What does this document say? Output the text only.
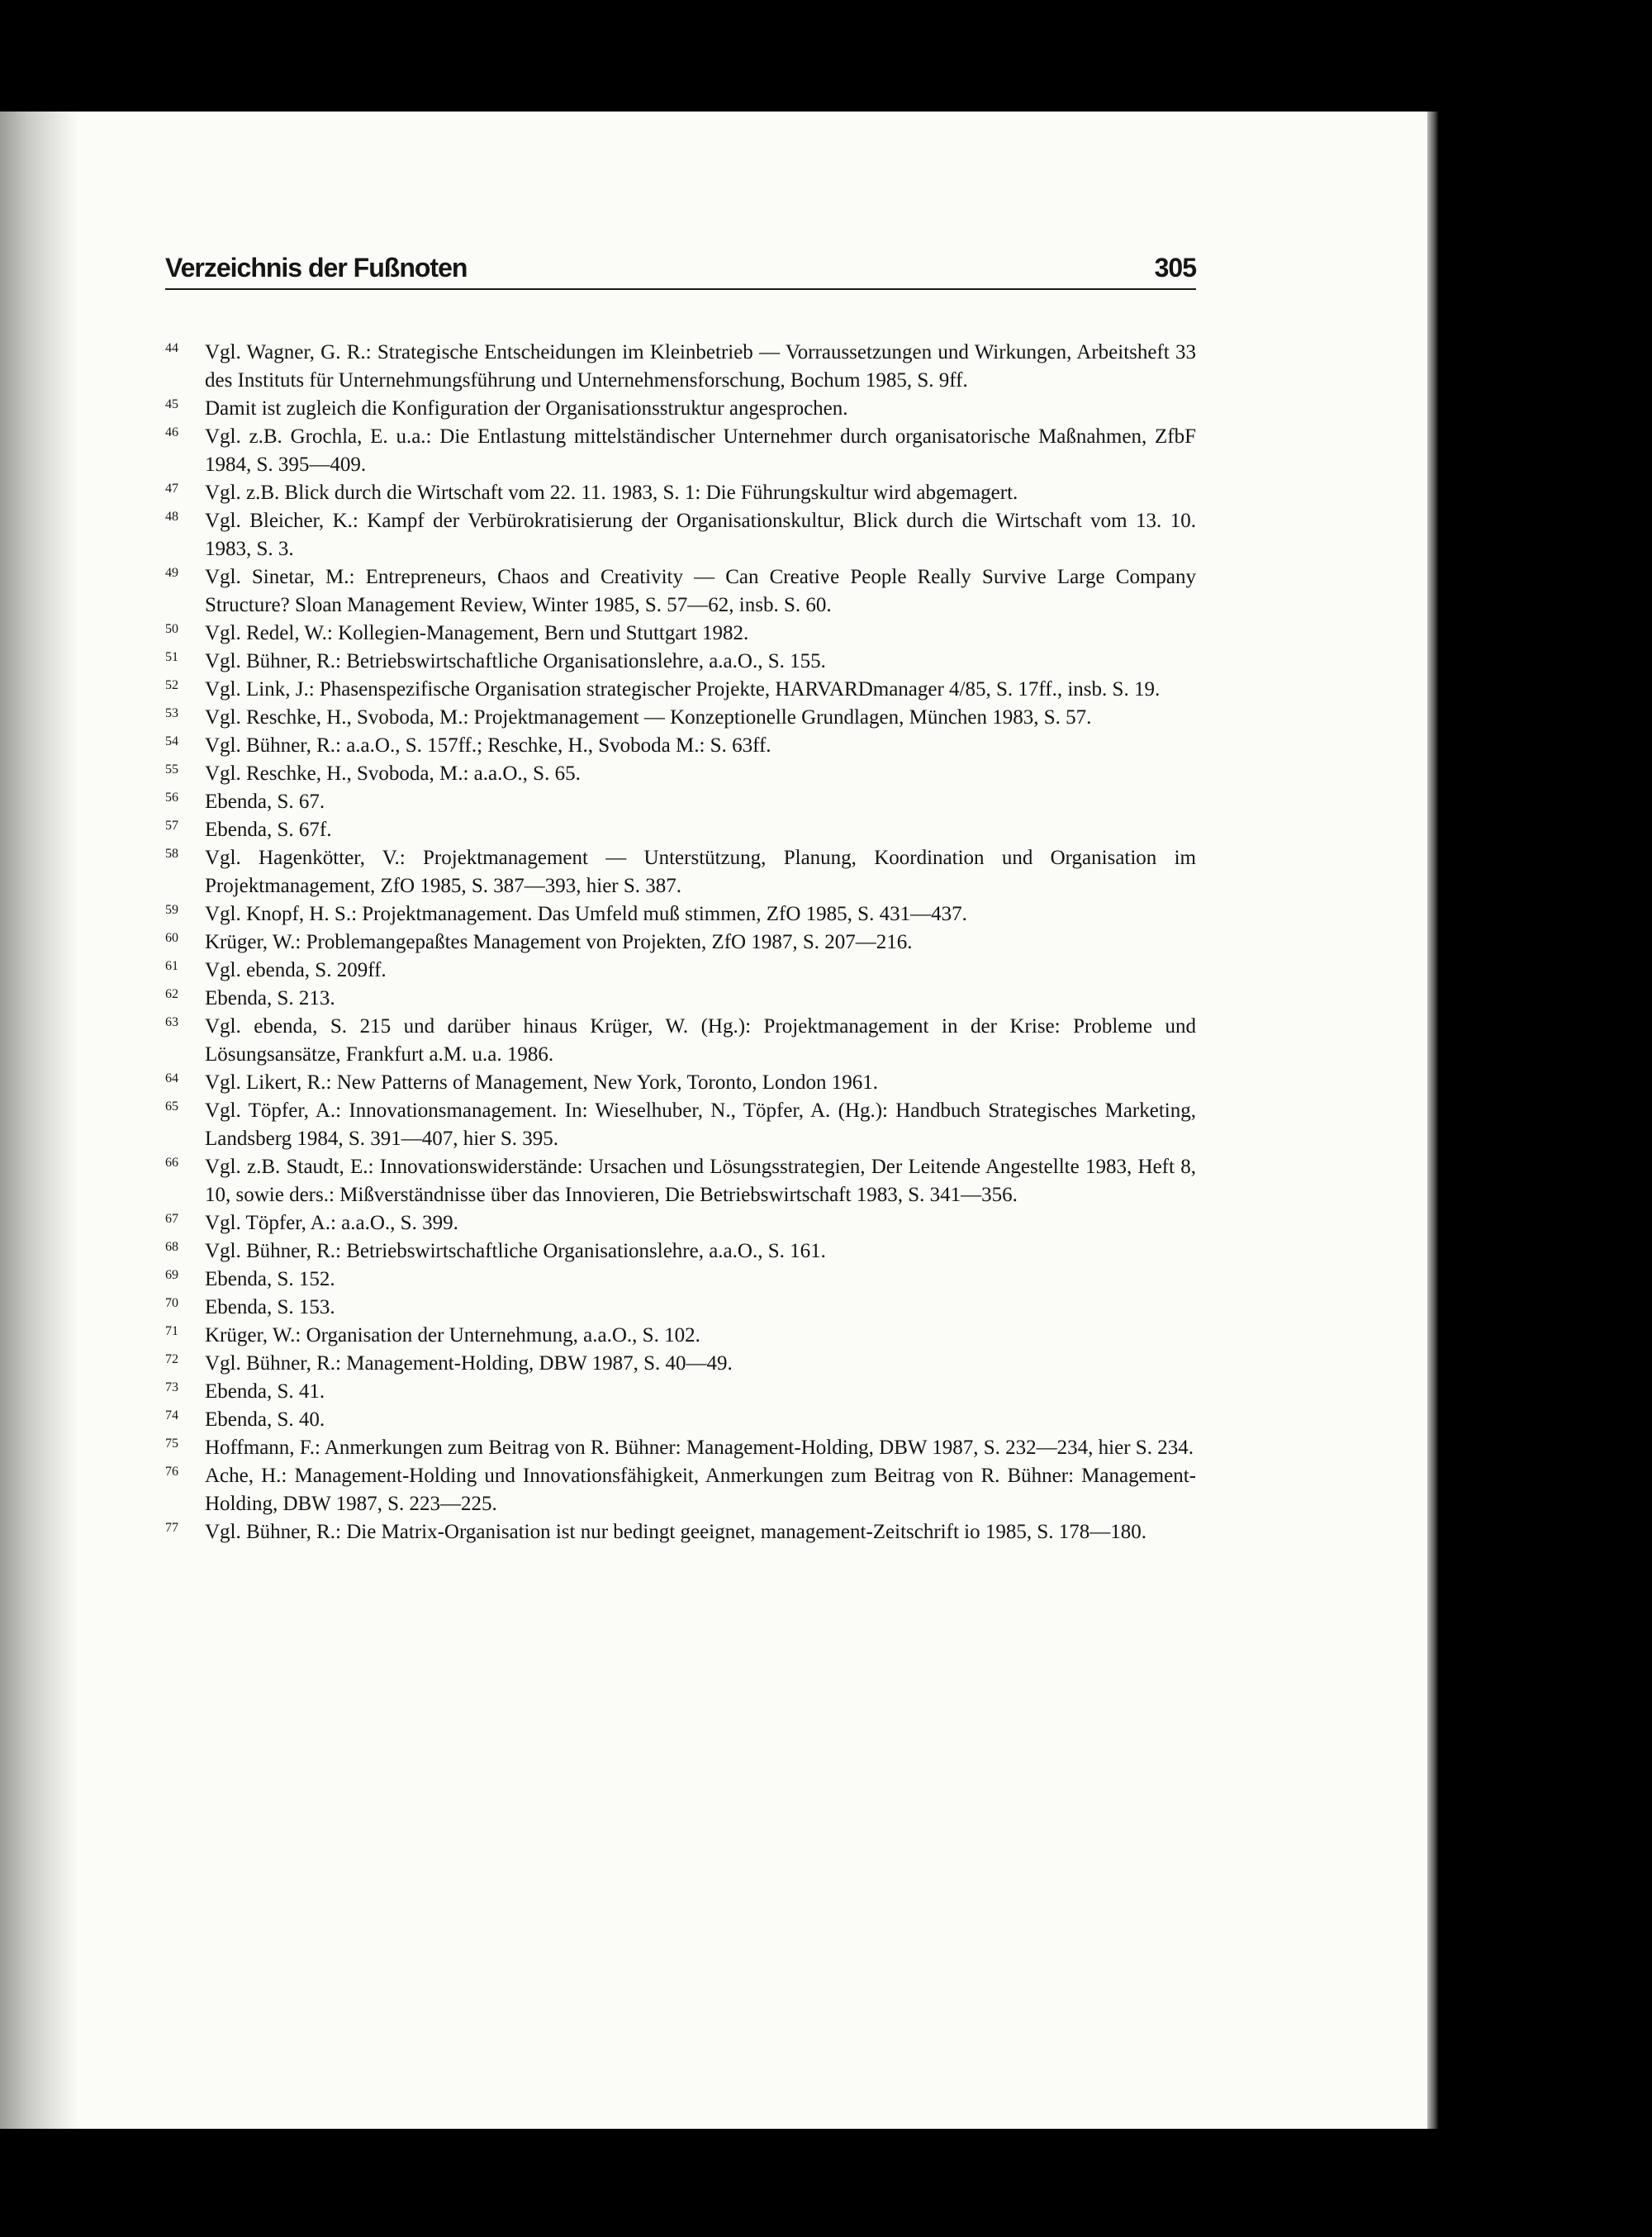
Verzeichnis der Fußnoten	305
44 Vgl. Wagner, G. R.: Strategische Entscheidungen im Kleinbetrieb — Vorraussetzungen und Wirkungen, Arbeitsheft 33 des Instituts für Unternehmungsführung und Unternehmensforschung, Bochum 1985, S. 9ff.
45 Damit ist zugleich die Konfiguration der Organisationsstruktur angesprochen.
46 Vgl. z.B. Grochla, E. u.a.: Die Entlastung mittelständischer Unternehmer durch organisatorische Maßnahmen, ZfbF 1984, S. 395—409.
47 Vgl. z.B. Blick durch die Wirtschaft vom 22. 11. 1983, S. 1: Die Führungskultur wird abgemagert.
48 Vgl. Bleicher, K.: Kampf der Verbürokratisierung der Organisationskultur, Blick durch die Wirtschaft vom 13. 10. 1983, S. 3.
49 Vgl. Sinetar, M.: Entrepreneurs, Chaos and Creativity — Can Creative People Really Survive Large Company Structure? Sloan Management Review, Winter 1985, S. 57—62, insb. S. 60.
50 Vgl. Redel, W.: Kollegien-Management, Bern und Stuttgart 1982.
51 Vgl. Bühner, R.: Betriebswirtschaftliche Organisationslehre, a.a.O., S. 155.
52 Vgl. Link, J.: Phasenspezifische Organisation strategischer Projekte, HARVARDmanager 4/85, S. 17ff., insb. S. 19.
53 Vgl. Reschke, H., Svoboda, M.: Projektmanagement — Konzeptionelle Grundlagen, München 1983, S. 57.
54 Vgl. Bühner, R.: a.a.O., S. 157ff.; Reschke, H., Svoboda M.: S. 63ff.
55 Vgl. Reschke, H., Svoboda, M.: a.a.O., S. 65.
56 Ebenda, S. 67.
57 Ebenda, S. 67f.
58 Vgl. Hagenkötter, V.: Projektmanagement — Unterstützung, Planung, Koordination und Organisation im Projektmanagement, ZfO 1985, S. 387—393, hier S. 387.
59 Vgl. Knopf, H. S.: Projektmanagement. Das Umfeld muß stimmen, ZfO 1985, S. 431—437.
60 Krüger, W.: Problemangepaßtes Management von Projekten, ZfO 1987, S. 207—216.
61 Vgl. ebenda, S. 209ff.
62 Ebenda, S. 213.
63 Vgl. ebenda, S. 215 und darüber hinaus Krüger, W. (Hg.): Projektmanagement in der Krise: Probleme und Lösungsansätze, Frankfurt a.M. u.a. 1986.
64 Vgl. Likert, R.: New Patterns of Management, New York, Toronto, London 1961.
65 Vgl. Töpfer, A.: Innovationsmanagement. In: Wieselhuber, N., Töpfer, A. (Hg.): Handbuch Strategisches Marketing, Landsberg 1984, S. 391—407, hier S. 395.
66 Vgl. z.B. Staudt, E.: Innovationswiderstände: Ursachen und Lösungsstrategien, Der Leitende Angestellte 1983, Heft 8, 10, sowie ders.: Mißverständnisse über das Innovieren, Die Betriebswirtschaft 1983, S. 341—356.
67 Vgl. Töpfer, A.: a.a.O., S. 399.
68 Vgl. Bühner, R.: Betriebswirtschaftliche Organisationslehre, a.a.O., S. 161.
69 Ebenda, S. 152.
70 Ebenda, S. 153.
71 Krüger, W.: Organisation der Unternehmung, a.a.O., S. 102.
72 Vgl. Bühner, R.: Management-Holding, DBW 1987, S. 40—49.
73 Ebenda, S. 41.
74 Ebenda, S. 40.
75 Hoffmann, F.: Anmerkungen zum Beitrag von R. Bühner: Management-Holding, DBW 1987, S. 232—234, hier S. 234.
76 Ache, H.: Management-Holding und Innovationsfähigkeit, Anmerkungen zum Beitrag von R. Bühner: Management-Holding, DBW 1987, S. 223—225.
77 Vgl. Bühner, R.: Die Matrix-Organisation ist nur bedingt geeignet, management-Zeitschrift io 1985, S. 178—180.
